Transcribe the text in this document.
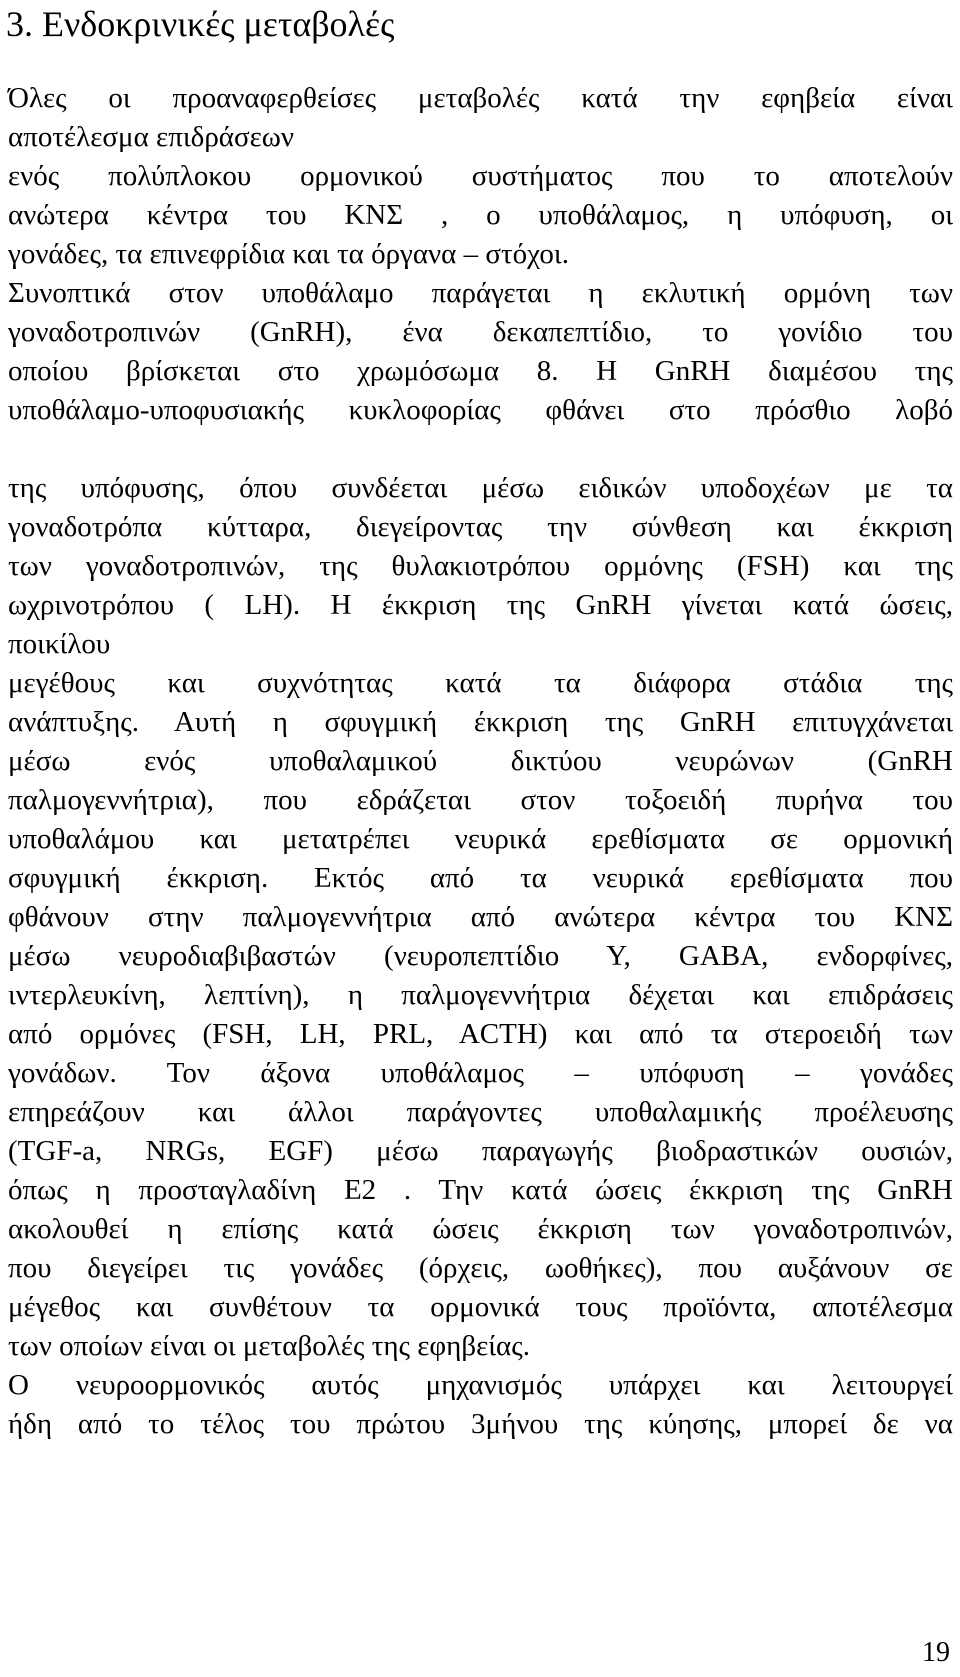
3. Ενδοκρινικές μεταβολές
Όλες οι προαναφερθείσες μεταβολές κατά την εφηβεία είναι
αποτέλεσμα επιδράσεων
ενός πολύπλοκου ορμονικού συστήματος που το αποτελούν
ανώτερα κέντρα του ΚΝΣ , ο υποθάλαμος, η υπόφυση, οι
γονάδες, τα επινεφρίδια και τα όργανα – στόχοι.
Συνοπτικά στον υποθάλαμο παράγεται η εκλυτική ορμόνη των
γοναδοτροπινών (GnRH), ένα δεκαπεπτίδιο, το γονίδιο του
οποίου βρίσκεται στο χρωμόσωμα 8. Η GnRH διαμέσου της
υποθάλαμο-υποφυσιακής κυκλοφορίας φθάνει στο πρόσθιο λοβό
της υπόφυσης, όπου συνδέεται μέσω ειδικών υποδοχέων με τα
γοναδοτρόπα κύτταρα, διεγείροντας την σύνθεση και έκκριση
των γοναδοτροπινών, της θυλακιοτρόπου ορμόνης (FSH) και της
ωχρινοτρόπου ( LH). Η έκκριση της GnRH γίνεται κατά ώσεις,
ποικίλου
μεγέθους και συχνότητας κατά τα διάφορα στάδια της
ανάπτυξης. Αυτή η σφυγμική έκκριση της GnRH επιτυγχάνεται
μέσω ενός υποθαλαμικού δικτύου νευρώνων (GnRH
παλμογεννήτρια), που εδράζεται στον τοξοειδή πυρήνα του
υποθαλάμου και μετατρέπει νευρικά ερεθίσματα σε ορμονική
σφυγμική έκκριση. Εκτός από τα νευρικά ερεθίσματα που
φθάνουν στην παλμογεννήτρια από ανώτερα κέντρα του ΚΝΣ
μέσω νευροδιαβιβαστών (νευροπεπτίδιο Υ, GABA, ενδορφίνες,
ιντερλευκίνη, λεπτίνη), η παλμογεννήτρια δέχεται και επιδράσεις
από ορμόνες (FSH, LH, PRL, ACTH) και από τα στεροειδή των
γονάδων. Τον άξονα υποθάλαμος – υπόφυση – γονάδες
επηρεάζουν και άλλοι παράγοντες υποθαλαμικής προέλευσης
(TGF-a, NRGs, EGF) μέσω παραγωγής βιοδραστικών ουσιών,
όπως η προσταγλαδίνη Ε2 . Την κατά ώσεις έκκριση της GnRH
ακολουθεί η επίσης κατά ώσεις έκκριση των γοναδοτροπινών,
που διεγείρει τις γονάδες (όρχεις, ωοθήκες), που αυξάνουν σε
μέγεθος και συνθέτουν τα ορμονικά τους προϊόντα, αποτέλεσμα
των οποίων είναι οι μεταβολές της εφηβείας.
Ο νευροορμονικός αυτός μηχανισμός υπάρχει και λειτουργεί
ήδη από το τέλος του πρώτου 3μήνου της κύησης, μπορεί δε να
19
